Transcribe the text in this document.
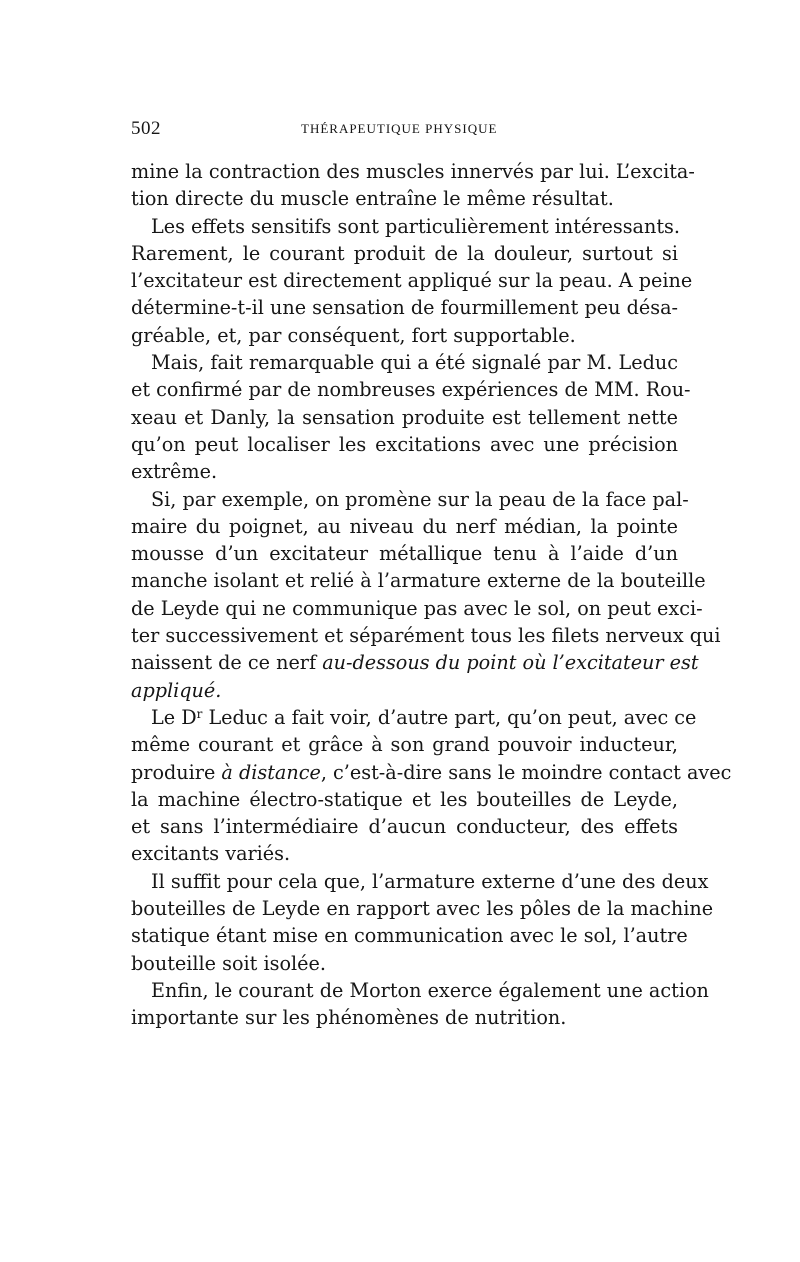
502	THÉRAPEUTIQUE PHYSIQUE
mine la contraction des muscles innervés par lui. L’excita-
tion directe du muscle entraîne le même résultat.
Les effets sensitifs sont particulièrement intéressants.
Rarement, le courant produit de la douleur, surtout si
l’excitateur est directement appliqué sur la peau. A peine
détermine-t-il une sensation de fourmillement peu désa-
gréable, et, par conséquent, fort supportable.
Mais, fait remarquable qui a été signalé par M. Leduc
et confirmé par de nombreuses expériences de MM. Rou-
xeau et Danly, la sensation produite est tellement nette
qu’on peut localiser les excitations avec une précision
extrême.
Si, par exemple, on promène sur la peau de la face pal-
maire du poignet, au niveau du nerf médian, la pointe
mousse d’un excitateur métallique tenu à l’aide d’un
manche isolant et relié à l’armature externe de la bouteille
de Leyde qui ne communique pas avec le sol, on peut exci-
ter successivement et séparément tous les filets nerveux qui
naissent de ce nerf au-dessous du point où l’excitateur est
appliqué.
Le $D^r$ Leduc a fait voir, d’autre part, qu’on peut, avec ce
même courant et grâce à son grand pouvoir inducteur,
produire à distance, c’est-à-dire sans le moindre contact avec
la machine électro-statique et les bouteilles de Leyde,
et sans l’intermédiaire d’aucun conducteur, des effets
excitants variés.
Il suffit pour cela que, l’armature externe d’une des deux
bouteilles de Leyde en rapport avec les pôles de la machine
statique étant mise en communication avec le sol, l’autre
bouteille soit isolée.
Enfin, le courant de Morton exerce également une action
importante sur les phénomènes de nutrition.
